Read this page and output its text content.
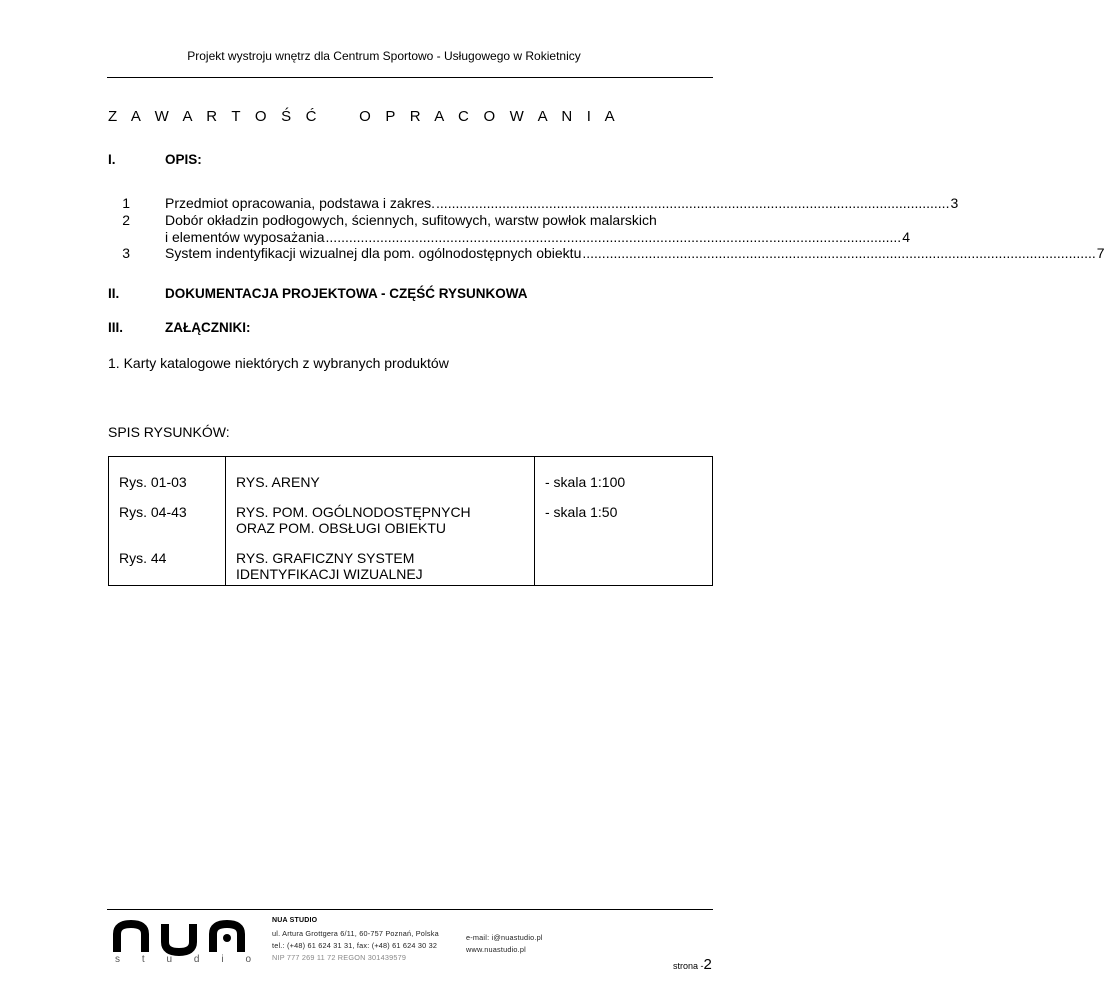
Projekt wystroju wnętrz dla Centrum Sportowo - Usługowego w Rokietnicy
Z A W A R T O Ś Ć    O P R A C O W A N I A
I.	OPIS:
1	Przedmiot opracowania, podstawa i zakres. .................................................................................................................................... 3
2	Dobór okładzin podłogowych, ściennych, sufitowych, warstw powłok malarskich
i elementów wyposażania .................................................................................................................................................... 4
3	System indentyfikacji wizualnej dla pom. ogólnodostępnych obiektu .................................................................................................................................... 7
II.	DOKUMENTACJA PROJEKTOWA - CZĘŚĆ RYSUNKOWA
III.	ZAŁĄCZNIKI:
1. Karty katalogowe niektórych z wybranych produktów
SPIS RYSUNKÓW:
Rys. 01-03	RYS. ARENY	- skala 1:100
Rys. 04-43	RYS. POM. OGÓLNODOSTĘPNYCH
ORAZ POM. OBSŁUGI OBIEKTU	- skala 1:50
Rys. 44	RYS. GRAFICZNY SYSTEM
IDENTYFIKACJI WIZUALNEJ	
s t u d i o
NUA STUDIO
ul. Artura Grottgera 6/11, 60-757 Poznań, Polska
tel.: (+48) 61 624 31 31, fax: (+48) 61 624 30 32
NIP 777 269 11 72 REGON 301439579
e-mail: i@nuastudio.pl
www.nuastudio.pl
strona -2
